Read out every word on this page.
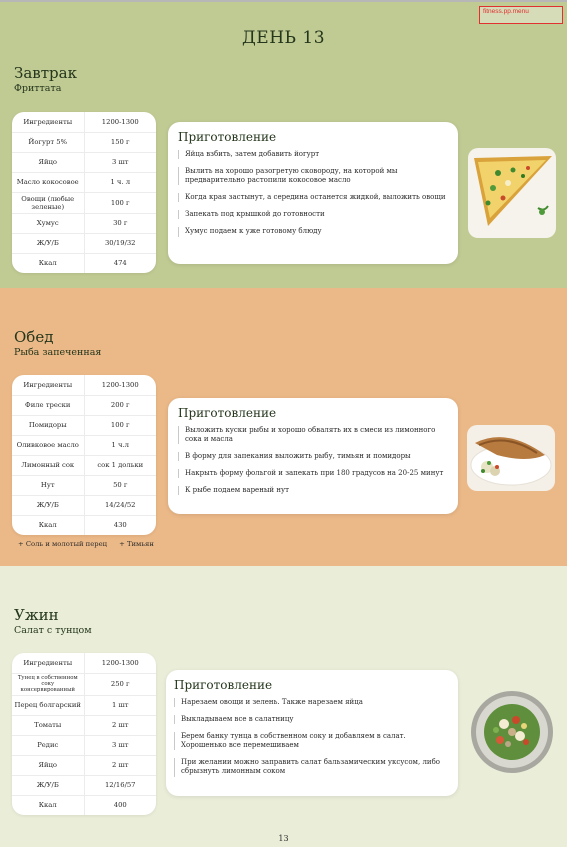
fitness.pp.menu
ДЕНЬ 13
Завтрак
Фриттата
Ингредиенты	1200-1300
Йогурт 5%	150 г
Яйцо	3 шт
Масло кокосовое	1 ч. л
Овощи (любые зеленые)	100 г
Хумус	30 г
Ж/У/Б	30/19/32
Ккал	474
Приготовление
Яйца взбить, затем добавить йогурт
Вылить на хорошо разогретую сковороду, на которой мы предварительно растопили кокосовое масло
Когда края застынут, а середина останется жидкой, выложить овощи
Запекать под крышкой до готовности
Хумус подаем к уже готовому блюду
Обед
Рыба запеченная
Ингредиенты	1200-1300
Филе трески	200 г
Помидоры	100 г
Оливковое масло	1 ч.л
Лимонный сок	сок 1 дольки
Нут	50 г
Ж/У/Б	14/24/52
Ккал	430
+ Соль и молотый перец + Тимьян
Приготовление
Выложить куски рыбы и хорошо обвалять их в смеси из лимонного сока и масла
В форму для запекания выложить рыбу, тимьян и помидоры
Накрыть форму фольгой и запекать при 180 градусов на 20-25 минут
К рыбе подаем вареный нут
Ужин
Салат с тунцом
Ингредиенты	1200-1300
Тунец в собственном соку консервированный	250 г
Перец болгарский	1 шт
Томаты	2 шт
Редис	3 шт
Яйцо	2 шт
Ж/У/Б	12/16/57
Ккал	400
Приготовление
Нарезаем овощи и зелень. Также нарезаем яйца
Выкладываем все в салатницу
Берем банку тунца в собственном соку и добавляем в салат. Хорошенько все перемешиваем
При желании можно заправить салат бальзамическим уксусом, либо сбрызнуть лимонным соком
13
